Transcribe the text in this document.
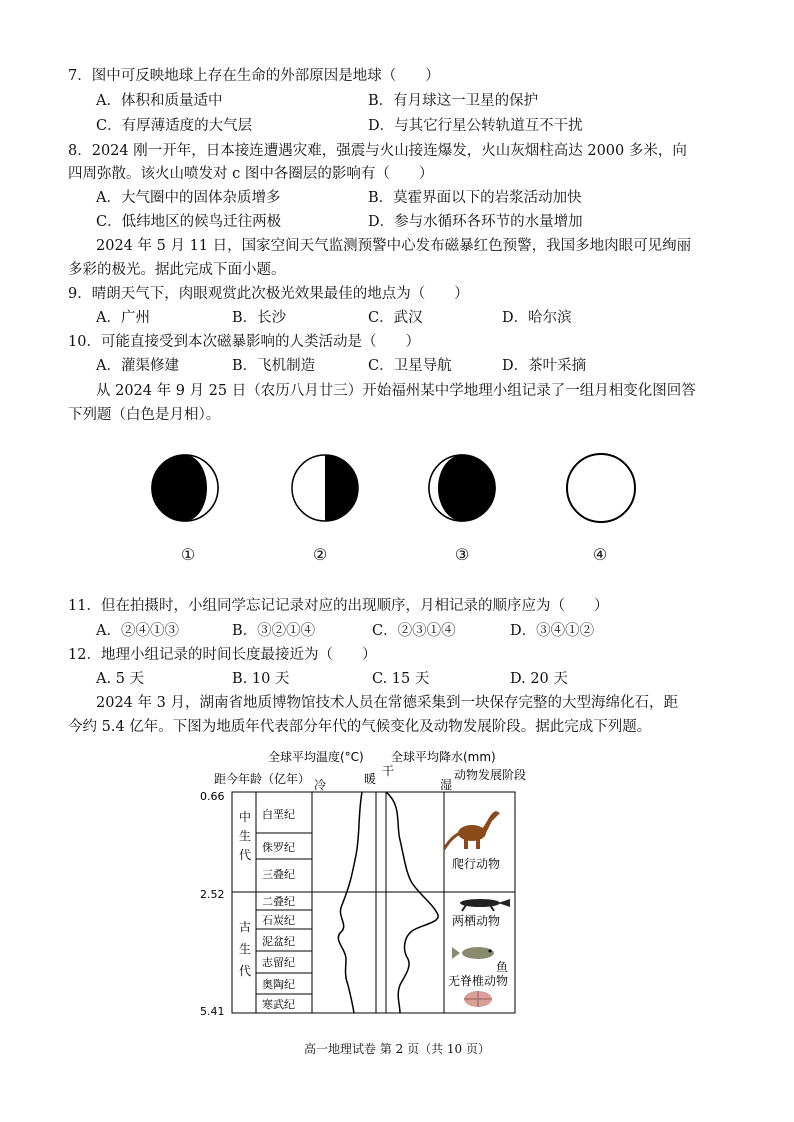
7．图中可反映地球上存在生命的外部原因是地球（　　）
A．体积和质量适中	B．有月球这一卫星的保护
C．有厚薄适度的大气层	D．与其它行星公转轨道互不干扰
8．2024 刚一开年，日本接连遭遇灾难，强震与火山接连爆发，火山灰烟柱高达 2000 多米，向
四周弥散。该火山喷发对 c 图中各圈层的影响有（　　）
A．大气圈中的固体杂质增多	B．莫霍界面以下的岩浆活动加快
C．低纬地区的候鸟迁往两极	D．参与水循环各环节的水量增加
2024 年 5 月 11 日，国家空间天气监测预警中心发布磁暴红色预警，我国多地肉眼可见绚丽
多彩的极光。据此完成下面小题。
9．晴朗天气下，肉眼观赏此次极光效果最佳的地点为（　　）
A．广州	B．长沙	C．武汉	D．哈尔滨
10．可能直接受到本次磁暴影响的人类活动是（　　）
A．灌渠修建	B．飞机制造	C．卫星导航	D．茶叶采摘
从 2024 年 9 月 25 日（农历八月廿三）开始福州某中学地理小组记录了一组月相变化图回答
下列题（白色是月相）。
①	②	③	④
11．但在拍摄时，小组同学忘记记录对应的出现顺序，月相记录的顺序应为（　　）
A．②④①③	B．③②①④	C．②③①④	D．③④①②
12．地理小组记录的时间长度最接近为（　　）
A. 5 天	B. 10 天	C. 15 天	D. 20 天
2024 年 3 月，湖南省地质博物馆技术人员在常德采集到一块保存完整的大型海绵化石，距
今约 5.4 亿年。下图为地质年代表部分年代的气候变化及动物发展阶段。据此完成下列题。
全球平均温度(°C) 全球平均降水(mm)
距今年龄（亿年） 冷	暖
干
湿
动物发展阶段
0.66
2.52
5.41
中
生
代
古
生
代
白垩纪
侏罗纪
三叠纪
二叠纪
石炭纪
泥盆纪
志留纪
奥陶纪
寒武纪
爬行动物
两栖动物
鱼
无脊椎动物
高一地理试卷 第 2 页（共 10 页）
